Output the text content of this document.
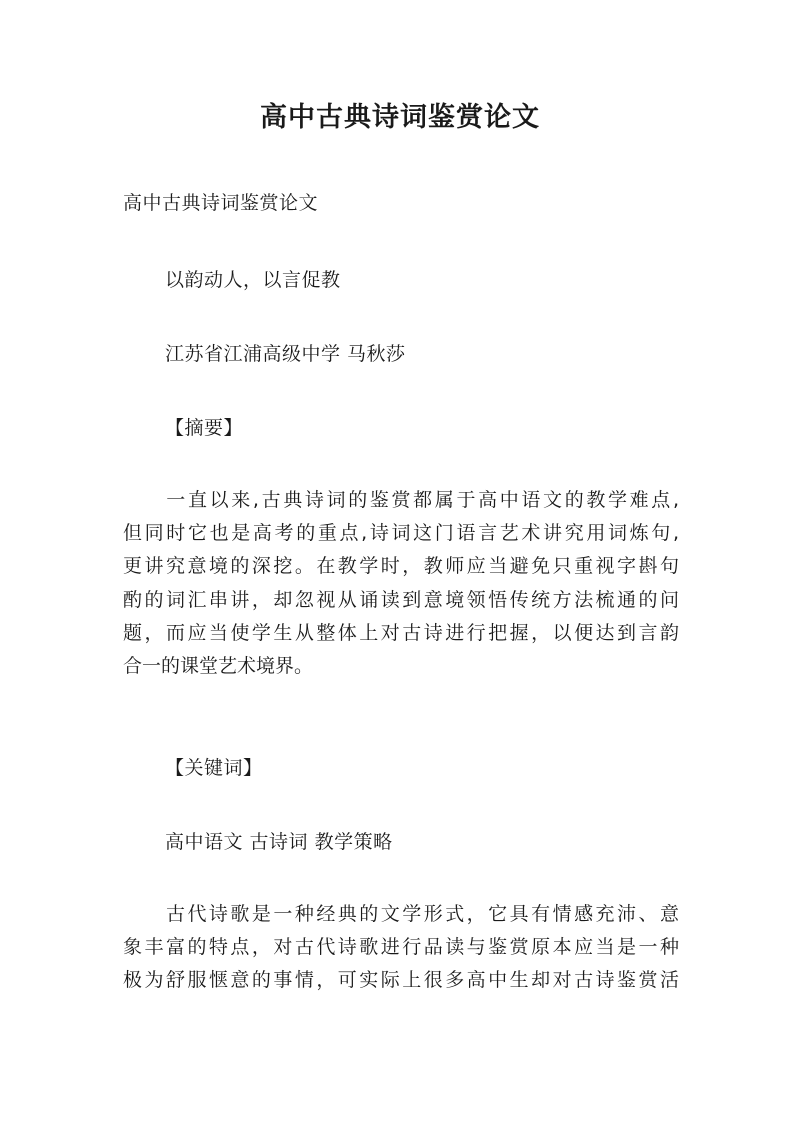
高中古典诗词鉴赏论文
高中古典诗词鉴赏论文
以韵动人，以言促教
江苏省江浦高级中学 马秋莎
【摘要】
　　一直以来,古典诗词的鉴赏都属于高中语文的教学难点,
但同时它也是高考的重点,诗词这门语言艺术讲究用词炼句,
更讲究意境的深挖。在教学时，教师应当避免只重视字斟句
酌的词汇串讲，却忽视从诵读到意境领悟传统方法梳通的问
题，而应当使学生从整体上对古诗进行把握，以便达到言韵
合一的课堂艺术境界。
【关键词】
高中语文 古诗词 教学策略
　　古代诗歌是一种经典的文学形式，它具有情感充沛、意
象丰富的特点，对古代诗歌进行品读与鉴赏原本应当是一种
极为舒服惬意的事情，可实际上很多高中生却对古诗鉴赏活
